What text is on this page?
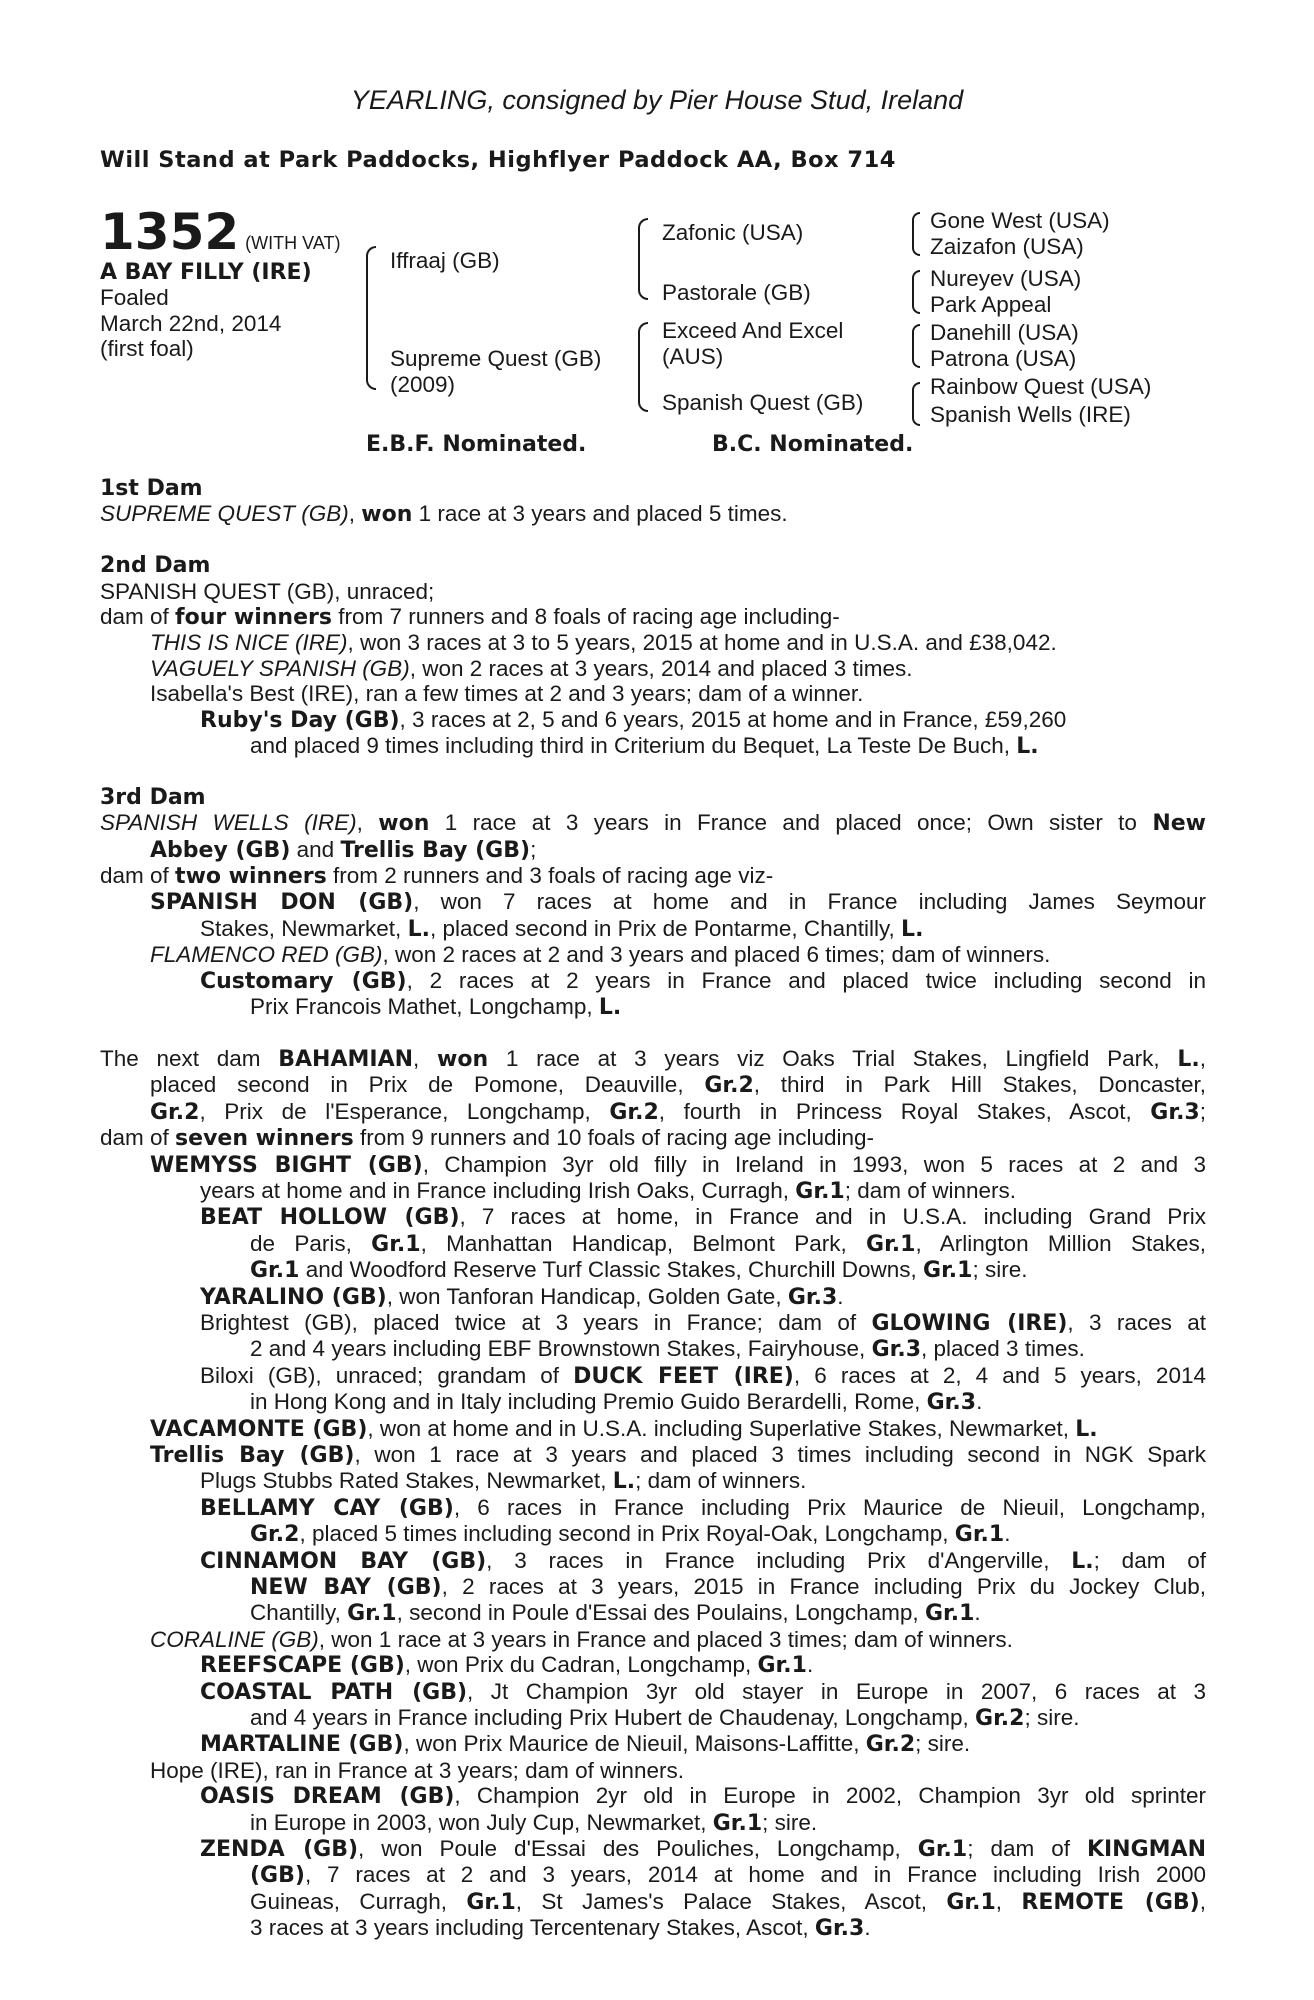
YEARLING, consigned by Pier House Stud, Ireland
Will Stand at Park Paddocks, Highflyer Paddock AA, Box 714
1352 (WITH VAT)
A BAY FILLY (IRE)
Foaled
March 22nd, 2014
(first foal)
Iffraaj (GB)
Supreme Quest (GB)
(2009)
Zafonic (USA)
Pastorale (GB)
Exceed And Excel
(AUS)
Spanish Quest (GB)
Gone West (USA)
Zaizafon (USA)
Nureyev (USA)
Park Appeal
Danehill (USA)
Patrona (USA)
Rainbow Quest (USA)
Spanish Wells (IRE)
E.B.F. Nominated.	B.C. Nominated.
1st Dam
SUPREME QUEST (GB), won 1 race at 3 years and placed 5 times.
2nd Dam
SPANISH QUEST (GB), unraced;
dam of four winners from 7 runners and 8 foals of racing age including-
THIS IS NICE (IRE), won 3 races at 3 to 5 years, 2015 at home and in U.S.A. and £38,042.
VAGUELY SPANISH (GB), won 2 races at 3 years, 2014 and placed 3 times.
Isabella's Best (IRE), ran a few times at 2 and 3 years; dam of a winner.
Ruby's Day (GB), 3 races at 2, 5 and 6 years, 2015 at home and in France, £59,260
and placed 9 times including third in Criterium du Bequet, La Teste De Buch, L.
3rd Dam
SPANISH WELLS (IRE), won 1 race at 3 years in France and placed once; Own sister to New
Abbey (GB) and Trellis Bay (GB);
dam of two winners from 2 runners and 3 foals of racing age viz-
SPANISH DON (GB), won 7 races at home and in France including James Seymour
Stakes, Newmarket, L., placed second in Prix de Pontarme, Chantilly, L.
FLAMENCO RED (GB), won 2 races at 2 and 3 years and placed 6 times; dam of winners.
Customary (GB), 2 races at 2 years in France and placed twice including second in
Prix Francois Mathet, Longchamp, L.
The next dam BAHAMIAN, won 1 race at 3 years viz Oaks Trial Stakes, Lingfield Park, L.,
placed second in Prix de Pomone, Deauville, Gr.2, third in Park Hill Stakes, Doncaster,
Gr.2, Prix de l'Esperance, Longchamp, Gr.2, fourth in Princess Royal Stakes, Ascot, Gr.3;
dam of seven winners from 9 runners and 10 foals of racing age including-
WEMYSS BIGHT (GB), Champion 3yr old filly in Ireland in 1993, won 5 races at 2 and 3
years at home and in France including Irish Oaks, Curragh, Gr.1; dam of winners.
BEAT HOLLOW (GB), 7 races at home, in France and in U.S.A. including Grand Prix
de Paris, Gr.1, Manhattan Handicap, Belmont Park, Gr.1, Arlington Million Stakes,
Gr.1 and Woodford Reserve Turf Classic Stakes, Churchill Downs, Gr.1; sire.
YARALINO (GB), won Tanforan Handicap, Golden Gate, Gr.3.
Brightest (GB), placed twice at 3 years in France; dam of GLOWING (IRE), 3 races at
2 and 4 years including EBF Brownstown Stakes, Fairyhouse, Gr.3, placed 3 times.
Biloxi (GB), unraced; grandam of DUCK FEET (IRE), 6 races at 2, 4 and 5 years, 2014
in Hong Kong and in Italy including Premio Guido Berardelli, Rome, Gr.3.
VACAMONTE (GB), won at home and in U.S.A. including Superlative Stakes, Newmarket, L.
Trellis Bay (GB), won 1 race at 3 years and placed 3 times including second in NGK Spark
Plugs Stubbs Rated Stakes, Newmarket, L.; dam of winners.
BELLAMY CAY (GB), 6 races in France including Prix Maurice de Nieuil, Longchamp,
Gr.2, placed 5 times including second in Prix Royal-Oak, Longchamp, Gr.1.
CINNAMON BAY (GB), 3 races in France including Prix d'Angerville, L.; dam of
NEW BAY (GB), 2 races at 3 years, 2015 in France including Prix du Jockey Club,
Chantilly, Gr.1, second in Poule d'Essai des Poulains, Longchamp, Gr.1.
CORALINE (GB), won 1 race at 3 years in France and placed 3 times; dam of winners.
REEFSCAPE (GB), won Prix du Cadran, Longchamp, Gr.1.
COASTAL PATH (GB), Jt Champion 3yr old stayer in Europe in 2007, 6 races at 3
and 4 years in France including Prix Hubert de Chaudenay, Longchamp, Gr.2; sire.
MARTALINE (GB), won Prix Maurice de Nieuil, Maisons-Laffitte, Gr.2; sire.
Hope (IRE), ran in France at 3 years; dam of winners.
OASIS DREAM (GB), Champion 2yr old in Europe in 2002, Champion 3yr old sprinter
in Europe in 2003, won July Cup, Newmarket, Gr.1; sire.
ZENDA (GB), won Poule d'Essai des Pouliches, Longchamp, Gr.1; dam of KINGMAN
(GB), 7 races at 2 and 3 years, 2014 at home and in France including Irish 2000
Guineas, Curragh, Gr.1, St James's Palace Stakes, Ascot, Gr.1, REMOTE (GB),
3 races at 3 years including Tercentenary Stakes, Ascot, Gr.3.
